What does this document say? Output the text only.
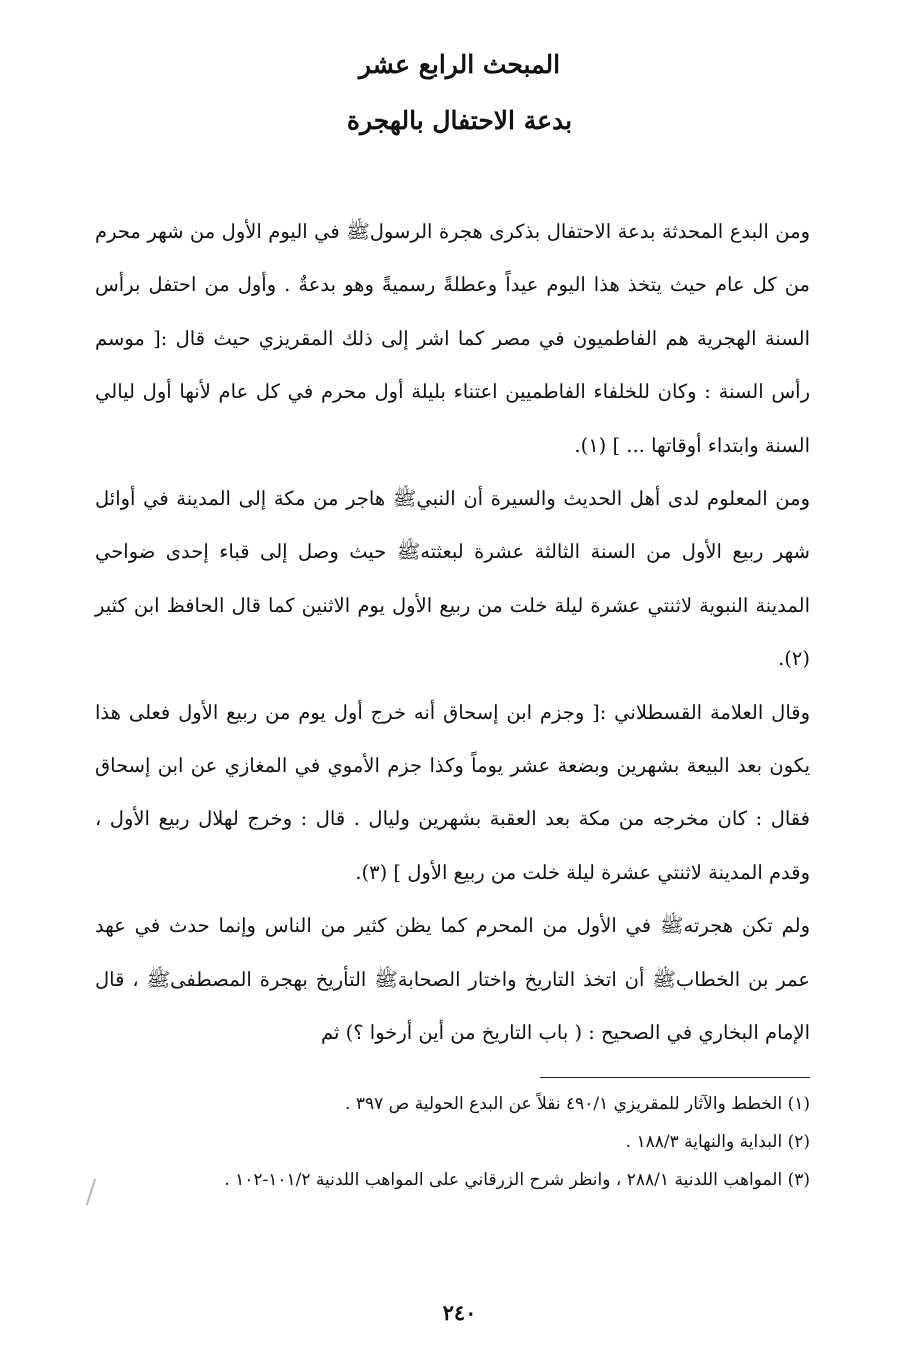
المبحث الرابع عشر
بدعة الاحتفال بالهجرة

ومن البدع المحدثة بدعة الاحتفال بذكرى هجرة الرسولﷺ في اليوم الأول من شهر محرم من كل عام حيث يتخذ هذا اليوم عيداً وعطلةً رسميةً وهو بدعةٌ . وأول من احتفل برأس السنة الهجرية هم الفاطميون في مصر كما اشر إلى ذلك المقريزي حيث قال :[ موسم رأس السنة : وكان للخلفاء الفاطميين اعتناء بليلة أول محرم في كل عام لأنها أول ليالي السنة وابتداء أوقاتها ... ] (١).

ومن المعلوم لدى أهل الحديث والسيرة أن النبيﷺ هاجر من مكة إلى المدينة في أوائل شهر ربيع الأول من السنة الثالثة عشرة لبعثتهﷺ حيث وصل إلى قباء إحدى ضواحي المدينة النبوية لاثنتي عشرة ليلة خلت من ربيع الأول يوم الاثنين كما قال الحافظ ابن كثير (٢).

وقال العلامة القسطلاني :[ وجزم ابن إسحاق أنه خرج أول يوم من ربيع الأول فعلى هذا يكون بعد البيعة بشهرين وبضعة عشر يوماً وكذا جزم الأموي في المغازي عن ابن إسحاق فقال : كان مخرجه من مكة بعد العقبة بشهرين وليال . قال : وخرج لهلال ربيع الأول ، وقدم المدينة لاثنتي عشرة ليلة خلت من ربيع الأول ] (٣).

ولم تكن هجرتهﷺ في الأول من المحرم كما يظن كثير من الناس وإنما حدث في عهد عمر بن الخطابﷺ أن اتخذ التاريخ واختار الصحابةﷺ التأريخ بهجرة المصطفىﷺ ، قال الإمام البخاري في الصحيح : ( باب التاريخ من أين أرخوا ؟) ثم

(١) الخطط والآثار للمقريزي ٤٩٠/١ نقلاً عن البدع الحولية ص ٣٩٧ .

(٢) البداية والنهاية ١٨٨/٣ .

(٣) المواهب اللدنية ٢٨٨/١ ، وانظر شرح الزرقاني على المواهب اللدنية ١٠١/٢-١٠٢ .

٢٤٠
